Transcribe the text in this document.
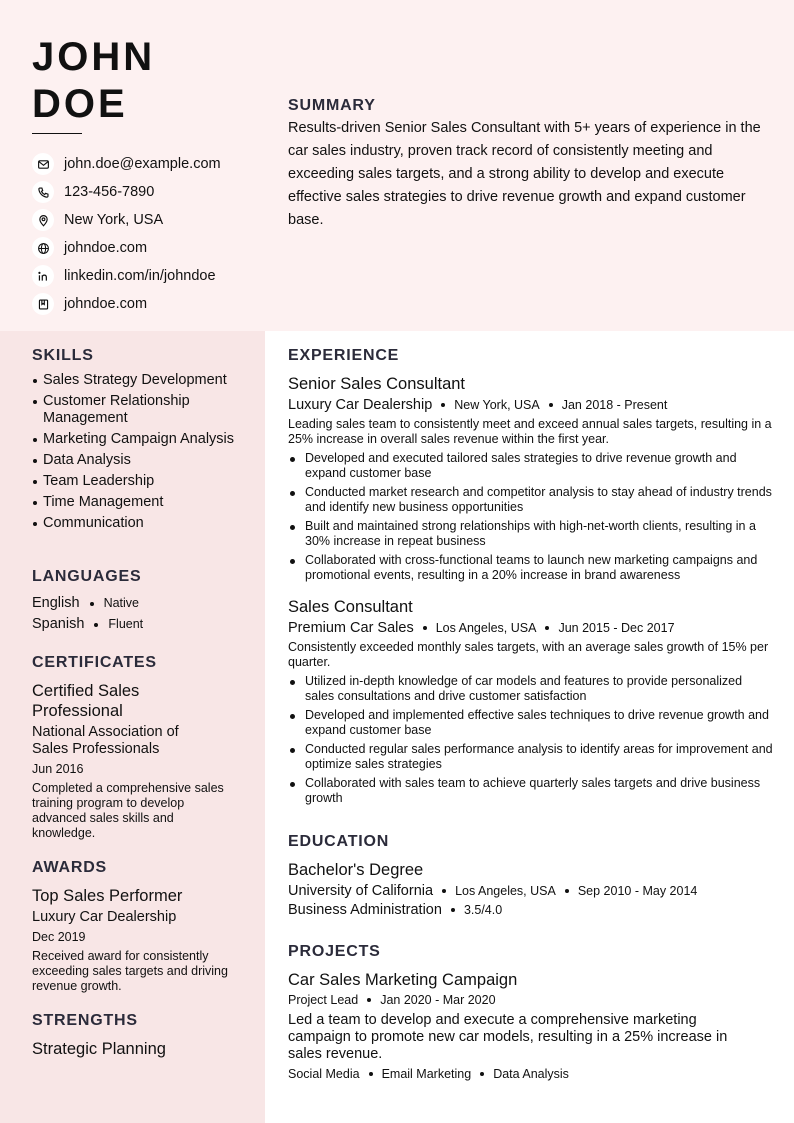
JOHN
DOE
john.doe@example.com
123-456-7890
New York, USA
johndoe.com
linkedin.com/in/johndoe
johndoe.com
SUMMARY
Results-driven Senior Sales Consultant with 5+ years of experience in the car sales industry, proven track record of consistently meeting and exceeding sales targets, and a strong ability to develop and execute effective sales strategies to drive revenue growth and expand customer base.
SKILLS
Sales Strategy Development
Customer Relationship Management
Marketing Campaign Analysis
Data Analysis
Team Leadership
Time Management
Communication
LANGUAGES
English Native
Spanish Fluent
CERTIFICATES
Certified Sales Professional
National Association of Sales Professionals
Jun 2016
Completed a comprehensive sales training program to develop advanced sales skills and knowledge.
AWARDS
Top Sales Performer
Luxury Car Dealership
Dec 2019
Received award for consistently exceeding sales targets and driving revenue growth.
STRENGTHS
Strategic Planning
EXPERIENCE
Senior Sales Consultant
Luxury Car Dealership New York, USA Jan 2018 - Present
Leading sales team to consistently meet and exceed annual sales targets, resulting in a 25% increase in overall sales revenue within the first year.
Developed and executed tailored sales strategies to drive revenue growth and expand customer base
Conducted market research and competitor analysis to stay ahead of industry trends and identify new business opportunities
Built and maintained strong relationships with high-net-worth clients, resulting in a 30% increase in repeat business
Collaborated with cross-functional teams to launch new marketing campaigns and promotional events, resulting in a 20% increase in brand awareness
Sales Consultant
Premium Car Sales Los Angeles, USA Jun 2015 - Dec 2017
Consistently exceeded monthly sales targets, with an average sales growth of 15% per quarter.
Utilized in-depth knowledge of car models and features to provide personalized sales consultations and drive customer satisfaction
Developed and implemented effective sales techniques to drive revenue growth and expand customer base
Conducted regular sales performance analysis to identify areas for improvement and optimize sales strategies
Collaborated with sales team to achieve quarterly sales targets and drive business growth
EDUCATION
Bachelor's Degree
University of California Los Angeles, USA Sep 2010 - May 2014
Business Administration 3.5/4.0
PROJECTS
Car Sales Marketing Campaign
Project Lead Jan 2020 - Mar 2020
Led a team to develop and execute a comprehensive marketing campaign to promote new car models, resulting in a 25% increase in sales revenue.
Social Media Email Marketing Data Analysis
